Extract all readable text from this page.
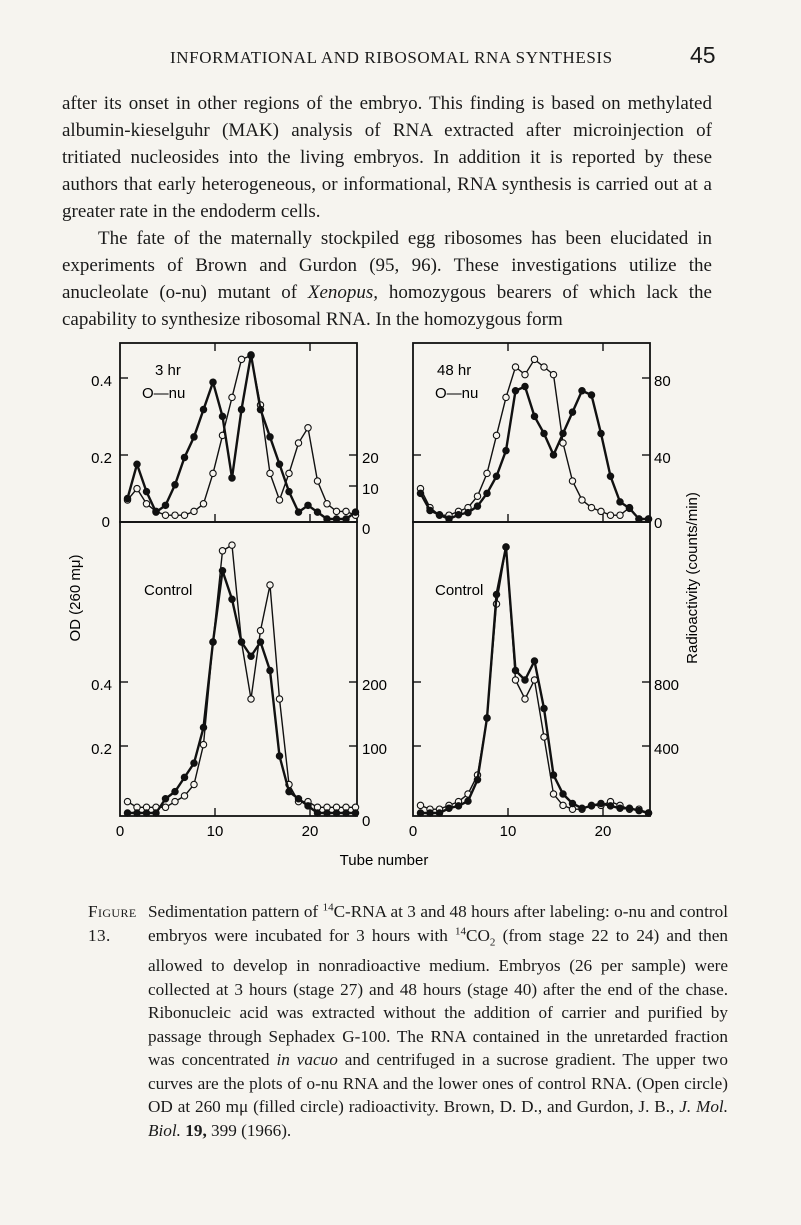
INFORMATIONAL AND RIBOSOMAL RNA SYNTHESIS	45

after its onset in other regions of the embryo. This finding is based on methylated albumin-kieselguhr (MAK) analysis of RNA extracted after microinjection of tritiated nucleosides into the living embryos. In addition it is reported by these authors that early heterogeneous, or informational, RNA synthesis is carried out at a greater rate in the endoderm cells.

The fate of the maternally stockpiled egg ribosomes has been elucidated in experiments of Brown and Gurdon (95, 96). These investigations utilize the anucleolate (o-nu) mutant of Xenopus, homozygous bearers of which lack the capability to synthesize ribosomal RNA. In the homozygous form

3 hr
O—nu
48 hr
O—nu
Control	Control
0.4
0.2
0
0.4
0.2
20
10
0
200
100
0
80
40
0
800
400
0	10	20	0	10	20
Tube number
OD (260 mμ)	Radioactivity (counts/min)
Figure 13.
Sedimentation pattern of $^{14}$C-RNA at 3 and 48 hours after labeling: o-nu and control embryos were incubated for 3 hours with $^{14}CO_2$ (from stage 22 to 24) and then allowed to develop in nonradioactive medium. Embryos (26 per sample) were collected at 3 hours (stage 27) and 48 hours (stage 40) after the end of the chase. Ribonucleic acid was extracted without the addition of carrier and purified by passage through Sephadex G-100. The RNA contained in the unretarded fraction was concentrated in vacuo and centrifuged in a sucrose gradient. The upper two curves are the plots of o-nu RNA and the lower ones of control RNA. (Open circle) OD at 260 mμ (filled circle) radioactivity. Brown, D. D., and Gurdon, J. B., J. Mol. Biol. 19, 399 (1966).
